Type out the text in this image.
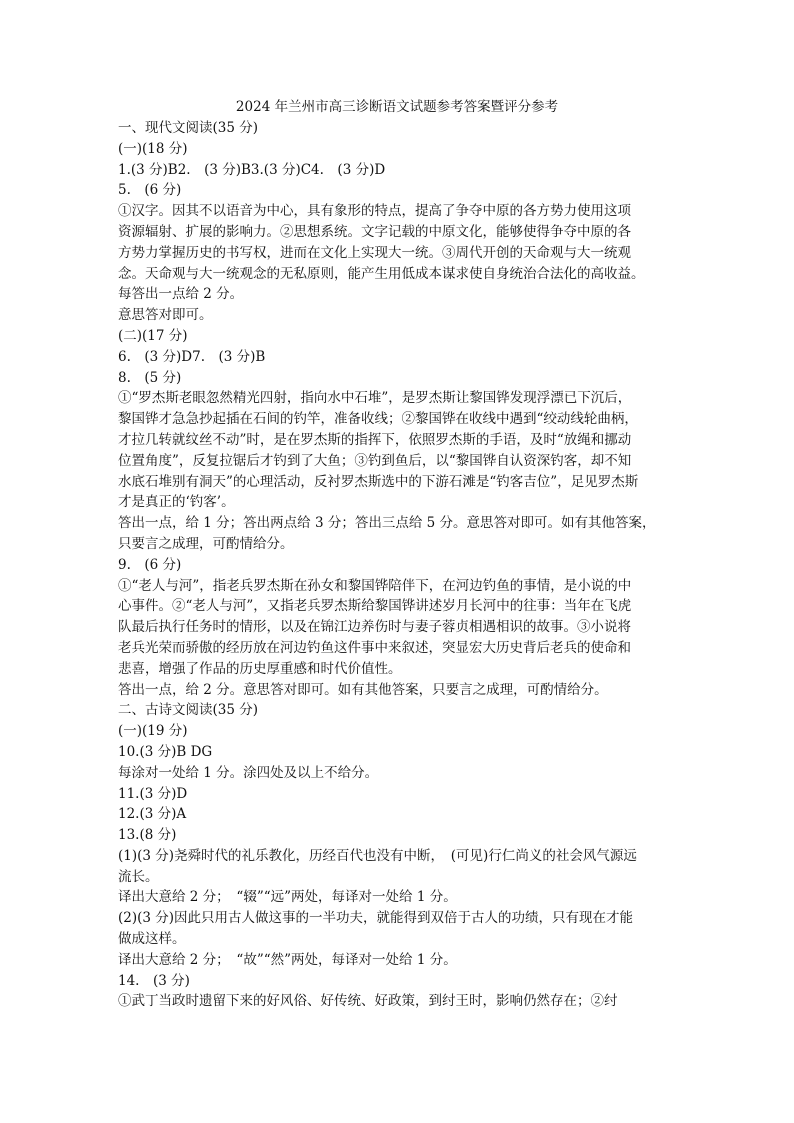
2024 年兰州市高三诊断语文试题参考答案暨评分参考

一、现代文阅读(35 分)

(一)(18 分)

1.(3 分)B2.　(3 分)B3.(3 分)C4.　(3 分)D

5.　(6 分)

①汉字。因其不以语音为中心，具有象形的特点，提高了争夺中原的各方势力使用这项

资源辐射、扩展的影响力。②思想系统。文字记载的中原文化，能够使得争夺中原的各

方势力掌握历史的书写权，进而在文化上实现大一统。③周代开创的天命观与大一统观

念。天命观与大一统观念的无私原则，能产生用低成本谋求使自身统治合法化的高收益。

每答出一点给 2 分。

意思答对即可。

(二)(17 分)

6.　(3 分)D7.　(3 分)B

8.　(5 分)

①“罗杰斯老眼忽然精光四射，指向水中石堆”，是罗杰斯让黎国铧发现浮漂已下沉后，

黎国铧才急急抄起插在石间的钓竿，准备收线；②黎国铧在收线中遇到“绞动线轮曲柄，

才拉几转就纹丝不动”时，是在罗杰斯的指挥下，依照罗杰斯的手语，及时“放绳和挪动

位置角度”，反复拉锯后才钓到了大鱼；③钓到鱼后，以“黎国铧自认资深钓客，却不知

水底石堆别有洞天”的心理活动，反衬罗杰斯选中的下游石滩是“钓客吉位”，足见罗杰斯

才是真正的‘钓客’。

答出一点，给 1 分；答出两点给 3 分；答出三点给 5 分。意思答对即可。如有其他答案，

只要言之成理，可酌情给分。

9.　(6 分)

①“老人与河”，指老兵罗杰斯在孙女和黎国铧陪伴下，在河边钓鱼的事情，是小说的中

心事件。②“老人与河”，又指老兵罗杰斯给黎国铧讲述岁月长河中的往事：当年在飞虎

队最后执行任务时的情形，以及在锦江边养伤时与妻子蓉贞相遇相识的故事。③小说将

老兵光荣而骄傲的经历放在河边钓鱼这件事中来叙述，突显宏大历史背后老兵的使命和

悲喜，增强了作品的历史厚重感和时代价值性。

答出一点，给 2 分。意思答对即可。如有其他答案，只要言之成理，可酌情给分。

二、古诗文阅读(35 分)

(一)(19 分)

10.(3 分)B DG

每涂对一处给 1 分。涂四处及以上不给分。

11.(3 分)D

12.(3 分)A

13.(8 分)

(1)(3 分)尧舜时代的礼乐教化，历经百代也没有中断，　(可见)行仁尚义的社会风气源远

流长。

译出大意给 2 分；　“辍”“远”两处，每译对一处给 1 分。

(2)(3 分)因此只用古人做这事的一半功夫，就能得到双倍于古人的功绩，只有现在才能

做成这样。

译出大意给 2 分；　“故”“然”两处，每译对一处给 1 分。

14.　(3 分)

①武丁当政时遗留下来的好风俗、好传统、好政策，到纣王时，影响仍然存在；②纣
